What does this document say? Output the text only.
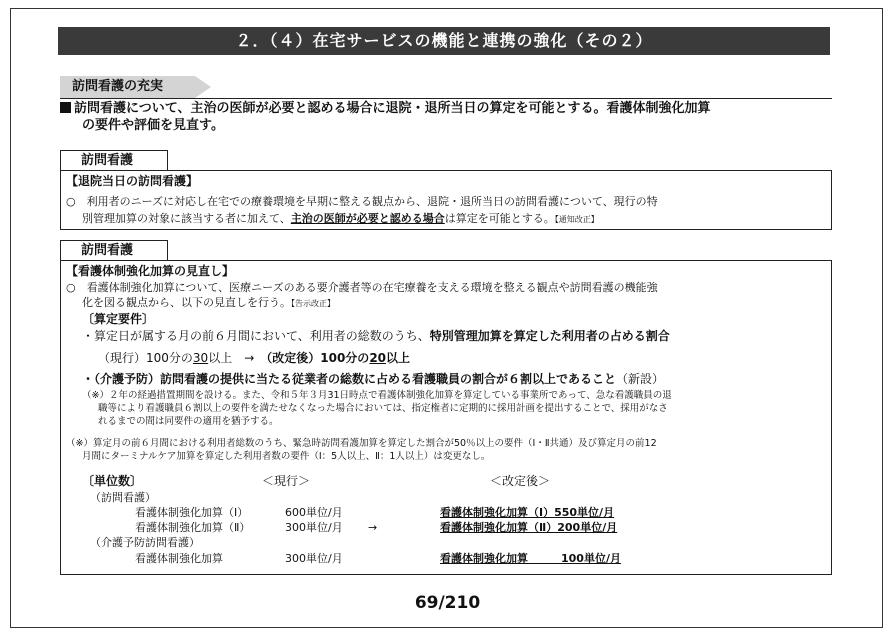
２．（４）在宅サービスの機能と連携の強化（その２）
訪問看護の充実
訪問看護について、主治の医師が必要と認める場合に退院・退所当日の算定を可能とする。看護体制強化加算
の要件や評価を見直す。
訪問看護
【退院当日の訪問看護】
○　利用者のニーズに対応し在宅での療養環境を早期に整える観点から、退院・退所当日の訪問看護について、現行の特
別管理加算の対象に該当する者に加えて、主治の医師が必要と認める場合は算定を可能とする。【通知改正】
訪問看護
【看護体制強化加算の見直し】
○　看護体制強化加算について、医療ニーズのある要介護者等の在宅療養を支える環境を整える観点や訪問看護の機能強
化を図る観点から、以下の見直しを行う。【告示改正】
〔算定要件〕
・算定日が属する月の前６月間において、利用者の総数のうち、特別管理加算を算定した利用者の占める割合
（現行）100分の30以上　→　（改定後）100分の20以上
・（介護予防）訪問看護の提供に当たる従業者の総数に占める看護職員の割合が６割以上であること（新設）
（※）２年の経過措置期間を設ける。また、令和５年３月31日時点で看護体制強化加算を算定している事業所であって、急な看護職員の退
職等により看護職員６割以上の要件を満たせなくなった場合においては、指定権者に定期的に採用計画を提出することで、採用がなさ
れるまでの間は同要件の適用を猶予する。
（※）算定月の前６月間における利用者総数のうち、緊急時訪問看護加算を算定した割合が50％以上の要件（Ⅰ・Ⅱ共通）及び算定月の前12
月間にターミナルケア加算を算定した利用者数の要件（Ⅰ：5人以上、Ⅱ：1人以上）は変更なし。
〔単位数〕	＜現行＞	＜改定後＞
（訪問看護）
看護体制強化加算（Ⅰ）	600単位/月	看護体制強化加算（Ⅰ）550単位/月
看護体制強化加算（Ⅱ）	300単位/月 →	看護体制強化加算（Ⅱ）200単位/月
（介護予防訪問看護）
看護体制強化加算	300単位/月	看護体制強化加算　　　100単位/月
69/210
